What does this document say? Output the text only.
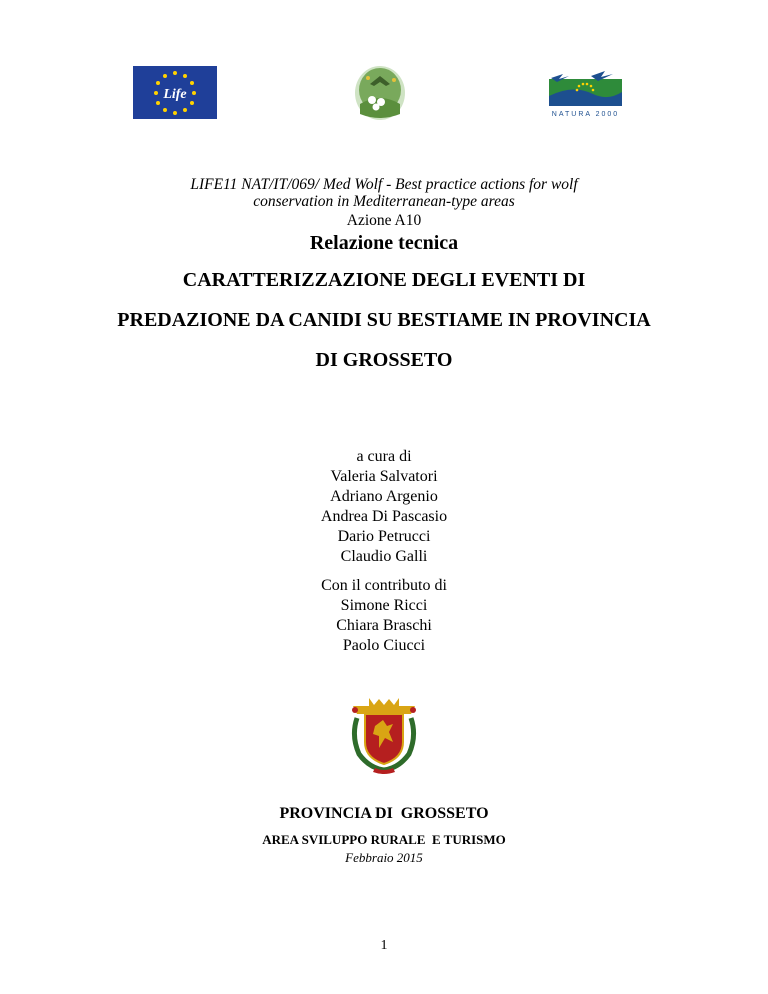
Life
NATURA 2000
LIFE11 NAT/IT/069/ Med Wolf - Best practice actions for wolf
conservation in Mediterranean-type areas
Azione A10
Relazione tecnica
CARATTERIZZAZIONE DEGLI EVENTI DI
PREDAZIONE DA CANIDI SU BESTIAME IN PROVINCIA
DI GROSSETO
a cura di
Valeria Salvatori
Adriano Argenio
Andrea Di Pascasio
Dario Petrucci
Claudio Galli
Con il contributo di
Simone Ricci
Chiara Braschi
Paolo Ciucci
PROVINCIA DI  GROSSETO
AREA SVILUPPO RURALE  E TURISMO
Febbraio 2015
1
